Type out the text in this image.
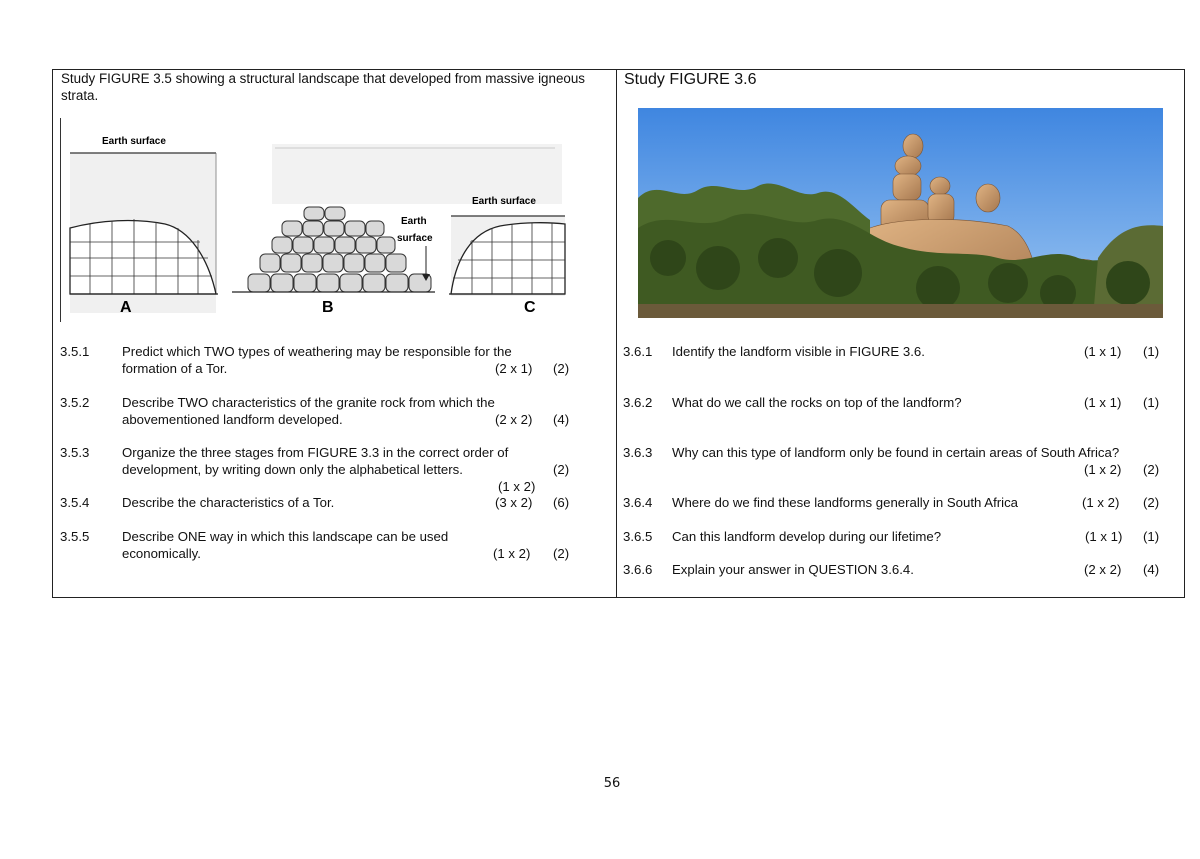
Study FIGURE 3.5 showing a structural landscape that developed from massive igneous strata.
Study FIGURE 3.6
Earth surface
A
Earth
surface
B
Earth surface
C
3.5.1 Predict which TWO types of weathering may be responsible for the formation of a Tor.	(2 x 1) (2)
3.5.2 Describe TWO characteristics of the granite rock from which the abovementioned landform developed.	(2 x 2) (4)
3.5.3 Organize the three stages from FIGURE 3.3 in the correct order of development, by writing down only the alphabetical letters.
(1 x 2)
(2)
3.5.4 Describe the characteristics of a Tor.	(3 x 2) (6)
3.5.5 Describe ONE way in which this landscape can be used economically.	(1 x 2) (2)
3.6.1 Identify the landform visible in FIGURE 3.6.	(1 x 1) (1)
3.6.2 What do we call the rocks on top of the landform?	(1 x 1) (1)
3.6.3 Why can this type of landform only be found in certain areas of South Africa?
(1 x 2) (2)
3.6.4 Where do we find these landforms generally in South Africa	(1 x 2) (2)
3.6.5 Can this landform develop during our lifetime?	(1 x 1) (1)
3.6.6 Explain your answer in QUESTION 3.6.4.	(2 x 2) (4)
56
